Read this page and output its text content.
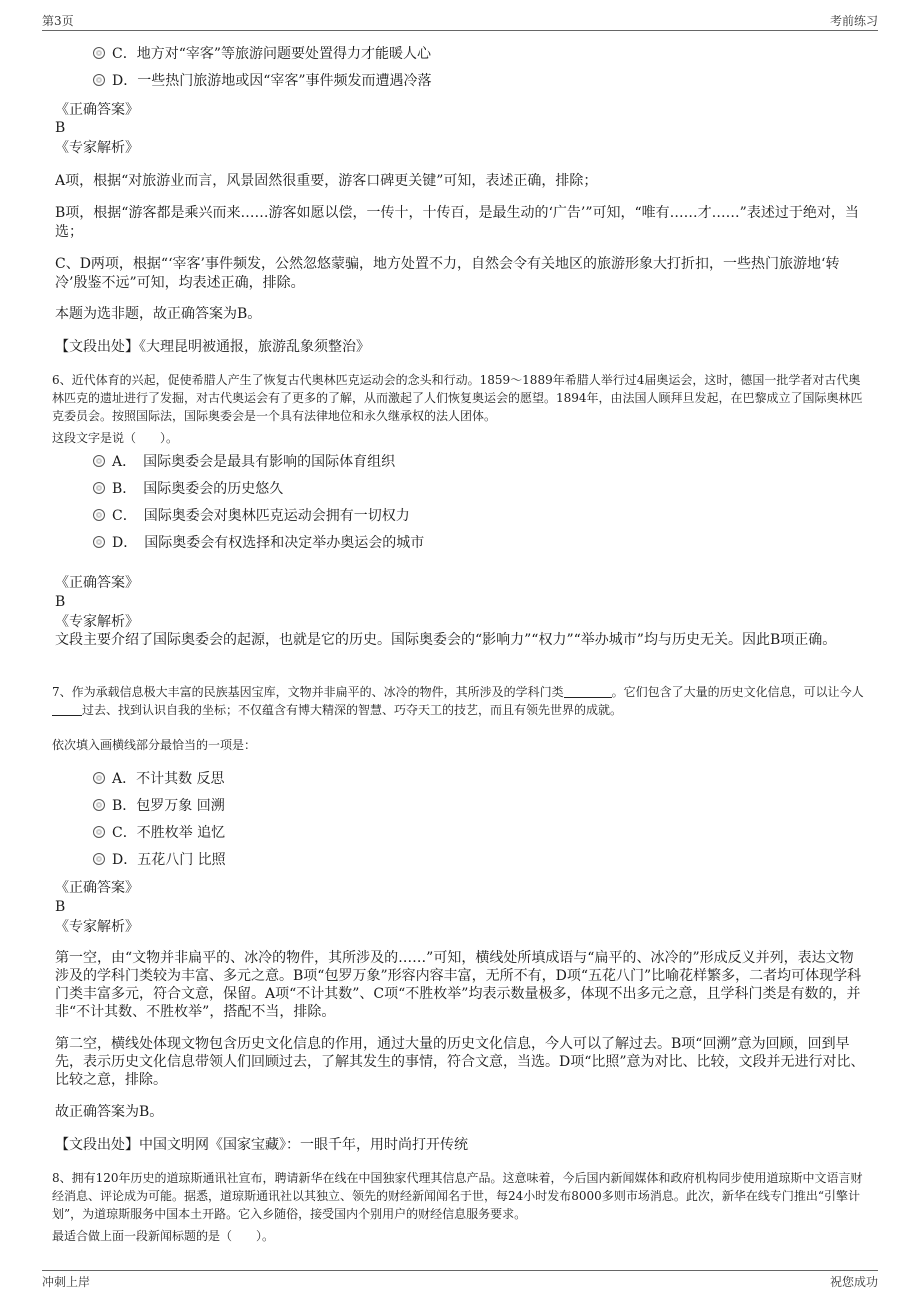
第3页	考前练习
C．地方对“宰客”等旅游问题要处置得力才能暖人心
D．一些热门旅游地或因“宰客”事件频发而遭遇冷落
《正确答案》
B
《专家解析》
A项，根据“对旅游业而言，风景固然很重要，游客口碑更关键”可知，表述正确，排除；
B项，根据“游客都是乘兴而来……游客如愿以偿，一传十，十传百，是最生动的‘广告’”可知，“唯有……才……”表述过于绝对，当选；
C、D两项，根据“‘宰客’事件频发，公然忽悠蒙骗，地方处置不力，自然会令有关地区的旅游形象大打折扣，一些热门旅游地‘转冷’殷鉴不远”可知，均表述正确，排除。
本题为选非题，故正确答案为B。
【文段出处】《大理昆明被通报，旅游乱象须整治》
6、近代体育的兴起，促使希腊人产生了恢复古代奥林匹克运动会的念头和行动。1859～1889年希腊人举行过4届奥运会，这时，德国一批学者对古代奥林匹克的遗址进行了发掘，对古代奥运会有了更多的了解，从而激起了人们恢复奥运会的愿望。1894年，由法国人顾拜旦发起，在巴黎成立了国际奥林匹克委员会。按照国际法，国际奥委会是一个具有法律地位和永久继承权的法人团体。
这段文字是说（　　）。
A．　国际奥委会是最具有影响的国际体育组织
B．　国际奥委会的历史悠久
C．　国际奥委会对奥林匹克运动会拥有一切权力
D．　国际奥委会有权选择和决定举办奥运会的城市
《正确答案》
B
《专家解析》
文段主要介绍了国际奥委会的起源，也就是它的历史。国际奥委会的“影响力”“权力”“举办城市”均与历史无关。因此B项正确。
7、作为承载信息极大丰富的民族基因宝库，文物并非扁平的、冰冷的物件，其所涉及的学科门类	。它们包含了大量的历史文化信息，可以让今人过去、找到认识自我的坐标；不仅蕴含有博大精深的智慧、巧夺天工的技艺，而且有领先世界的成就。
依次填入画横线部分最恰当的一项是：
A．不计其数 反思
B．包罗万象 回溯
C．不胜枚举 追忆
D．五花八门 比照
《正确答案》
B
《专家解析》
第一空，由“文物并非扁平的、冰冷的物件，其所涉及的……”可知，横线处所填成语与“扁平的、冰冷的”形成反义并列，表达文物涉及的学科门类较为丰富、多元之意。B项“包罗万象”形容内容丰富，无所不有，D项“五花八门”比喻花样繁多，二者均可体现学科门类丰富多元，符合文意，保留。A项“不计其数”、C项“不胜枚举”均表示数量极多，体现不出多元之意，且学科门类是有数的，并非“不计其数、不胜枚举”，搭配不当，排除。
第二空，横线处体现文物包含历史文化信息的作用，通过大量的历史文化信息，今人可以了解过去。B项“回溯”意为回顾，回到早先，表示历史文化信息带领人们回顾过去，了解其发生的事情，符合文意，当选。D项“比照”意为对比、比较，文段并无进行对比、比较之意，排除。
故正确答案为B。
【文段出处】中国文明网《国家宝藏》：一眼千年，用时尚打开传统
8、拥有120年历史的道琼斯通讯社宣布，聘请新华在线在中国独家代理其信息产品。这意味着，今后国内新闻媒体和政府机构同步使用道琼斯中文语言财经消息、评论成为可能。据悉，道琼斯通讯社以其独立、领先的财经新闻闻名于世，每24小时发布8000多则市场消息。此次，新华在线专门推出“引擎计划”，为道琼斯服务中国本土开路。它入乡随俗，接受国内个别用户的财经信息服务要求。
最适合做上面一段新闻标题的是（　　）。
冲刺上岸	祝您成功
